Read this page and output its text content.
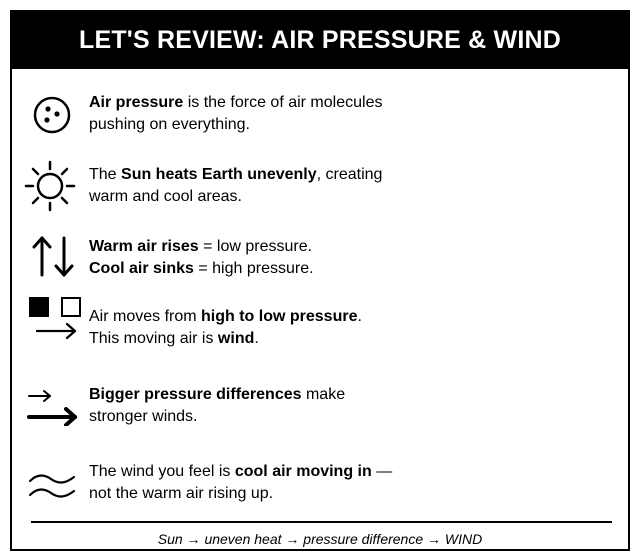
LET'S REVIEW: AIR PRESSURE & WIND
Air pressure is the force of air molecules
pushing on everything.
The Sun heats Earth unevenly, creating
warm and cool areas.
Warm air rises = low pressure.
Cool air sinks = high pressure.
Air moves from high to low pressure.
This moving air is wind.
Bigger pressure differences make
stronger winds.
The wind you feel is cool air moving in —
not the warm air rising up.
Sun → uneven heat → pressure difference → WIND
